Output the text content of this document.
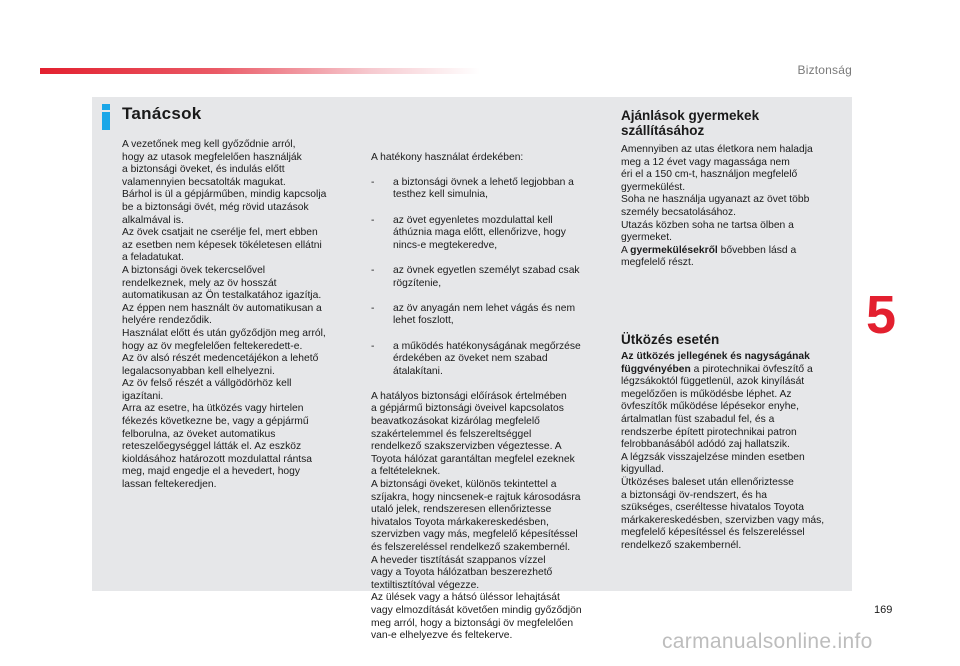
Biztonság
Tanácsok
A vezetőnek meg kell győződnie arról,
hogy az utasok megfelelően használják
a biztonsági öveket, és indulás előtt
valamennyien becsatolták magukat.
Bárhol is ül a gépjárműben, mindig kapcsolja
be a biztonsági övét, még rövid utazások
alkalmával is.
Az övek csatjait ne cserélje fel, mert ebben
az esetben nem képesek tökéletesen ellátni
a feladatukat.
A biztonsági övek tekercselővel
rendelkeznek, mely az öv hosszát
automatikusan az Ön testalkatához igazítja.
Az éppen nem használt öv automatikusan a
helyére rendeződik.
Használat előtt és után győződjön meg arról,
hogy az öv megfelelően feltekeredett-e.
Az öv alsó részét medencetájékon a lehető
legalacsonyabban kell elhelyezni.
Az öv felső részét a vállgödörhöz kell
igazítani.
Arra az esetre, ha ütközés vagy hirtelen
fékezés következne be, vagy a gépjármű
felborulna, az öveket automatikus
reteszelőegységgel látták el. Az eszköz
kioldásához határozott mozdulattal rántsa
meg, majd engedje el a hevedert, hogy
lassan feltekeredjen.

A hatékony használat érdekében:

- a biztonsági övnek a lehető legjobban a
testhez kell simulnia,

- az övet egyenletes mozdulattal kell
áthúznia maga előtt, ellenőrizve, hogy
nincs-e megtekeredve,

- az övnek egyetlen személyt szabad csak
rögzítenie,

- az öv anyagán nem lehet vágás és nem
lehet foszlott,

- a működés hatékonyságának megőrzése
érdekében az öveket nem szabad
átalakítani.

A hatályos biztonsági előírások értelmében
a gépjármű biztonsági öveivel kapcsolatos
beavatkozásokat kizárólag megfelelő
szakértelemmel és felszereltséggel
rendelkező szakszervizben végeztesse. A
Toyota hálózat garantáltan megfelel ezeknek
a feltételeknek.
A biztonsági öveket, különös tekintettel a
szíjakra, hogy nincsenek-e rajtuk károsodásra
utaló jelek, rendszeresen ellenőriztesse
hivatalos Toyota márkakereskedésben,
szervizben vagy más, megfelelő képesítéssel
és felszereléssel rendelkező szakembernél.
A heveder tisztítását szappanos vízzel
vagy a Toyota hálózatban beszerezhető
textiltisztítóval végezze.
Az ülések vagy a hátsó üléssor lehajtását
vagy elmozdítását követően mindig győződjön
meg arról, hogy a biztonsági öv megfelelően
van-e elhelyezve és feltekerve.

Ajánlások gyermekek
szállításához
Amennyiben az utas életkora nem haladja
meg a 12 évet vagy magassága nem
éri el a 150 cm-t, használjon megfelelő
gyermekülést.
Soha ne használja ugyanazt az övet több
személy becsatolásához.
Utazás közben soha ne tartsa ölben a
gyermeket.
A gyermekülésekről bővebben lásd a
megfelelő részt.
Ütközés esetén
Az ütközés jellegének és nagyságának
függvényében a pirotechnikai övfeszítő a
légzsákoktól függetlenül, azok kinyílását
megelőzően is működésbe léphet. Az
övfeszítők működése lépésekor enyhe,
ártalmatlan füst szabadul fel, és a
rendszerbe épített pirotechnikai patron
felrobbanásából adódó zaj hallatszik.
A légzsák visszajelzése minden esetben
kigyullad.
Ütközéses baleset után ellenőriztesse
a biztonsági öv-rendszert, és ha
szükséges, cseréltesse hivatalos Toyota
márkakereskedésben, szervizben vagy más,
megfelelő képesítéssel és felszereléssel
rendelkező szakembernél.
5
169
carmanualsonline.info
